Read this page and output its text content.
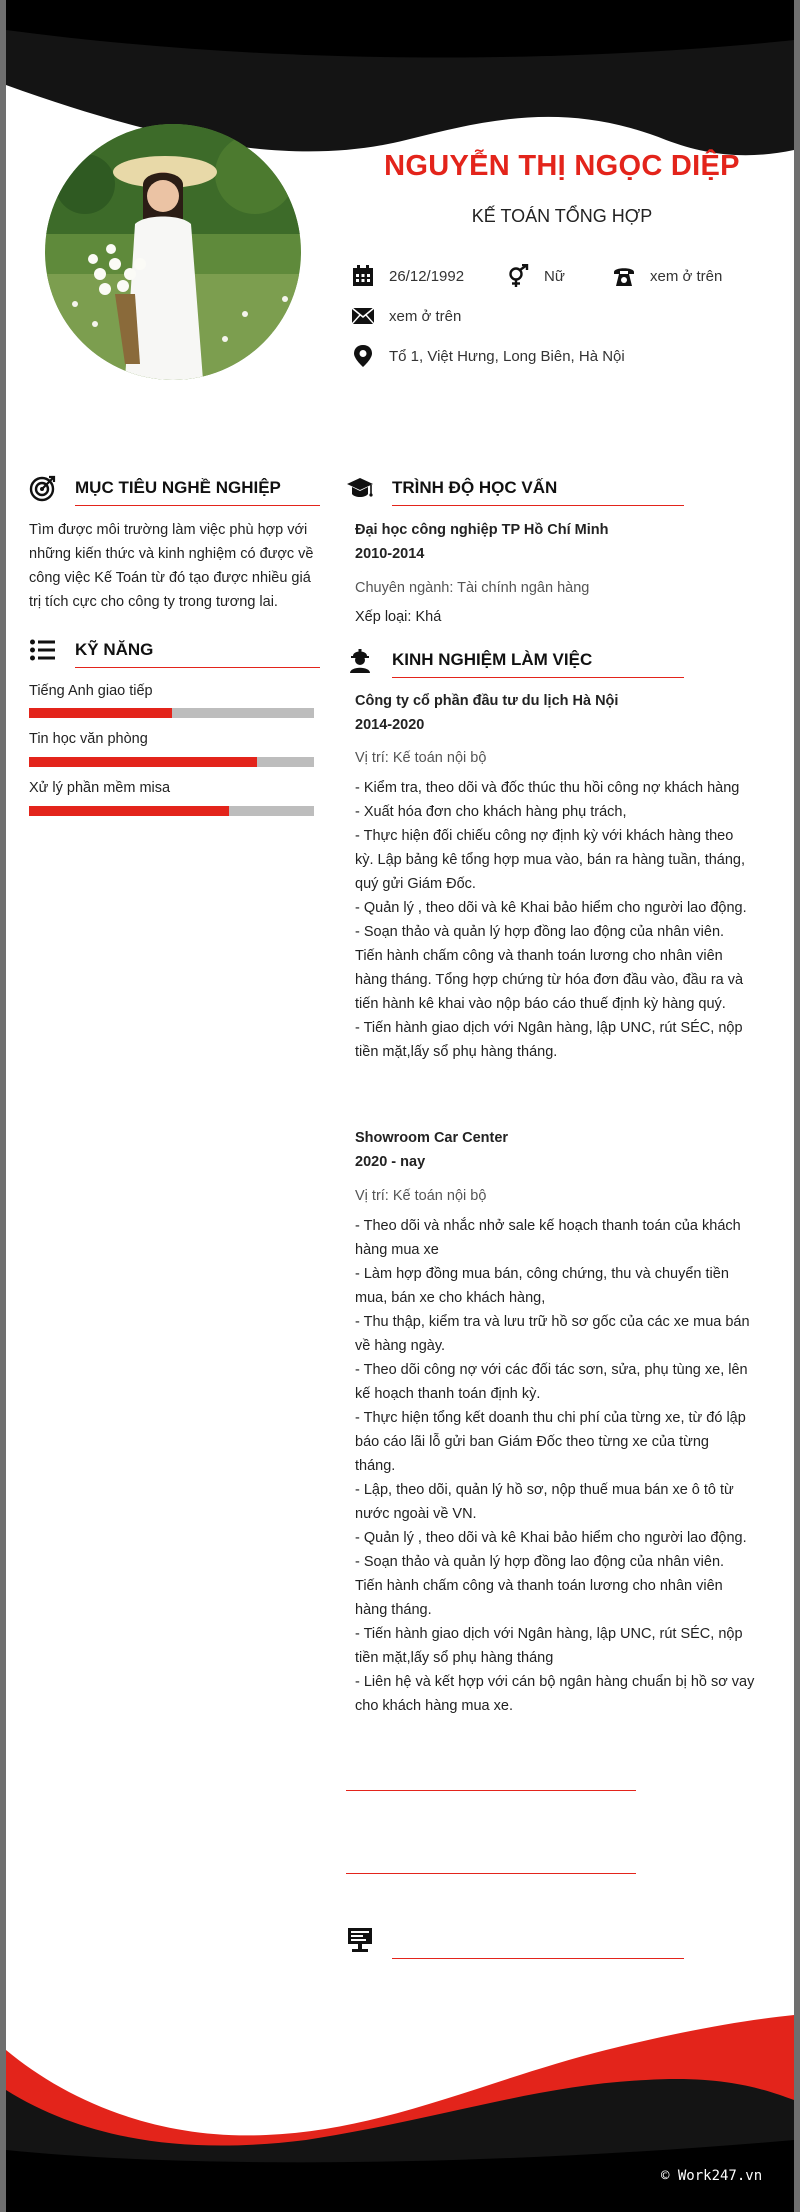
NGUYỄN THỊ NGỌC DIỆP
KẾ TOÁN TỔNG HỢP
26/12/1992	Nữ	xem ở trên
xem ở trên
Tổ 1, Việt Hưng, Long Biên, Hà Nội
MỤC TIÊU NGHỀ NGHIỆP
Tìm được môi trường làm việc phù hợp với
những kiến thức và kinh nghiệm có được về
công việc Kế Toán từ đó tạo được nhiều giá
trị tích cực cho công ty trong tương lai.
KỸ NĂNG
Tiếng Anh giao tiếp
Tin học văn phòng
Xử lý phần mềm misa
TRÌNH ĐỘ HỌC VẤN
Đại học công nghiệp TP Hồ Chí Minh
2010-2014
Chuyên ngành: Tài chính ngân hàng
Xếp loại: Khá
KINH NGHIỆM LÀM VIỆC
Công ty cổ phần đầu tư du lịch Hà Nội
2014-2020
Vị trí: Kế toán nội bộ
- Kiểm tra, theo dõi và đốc thúc thu hồi công nợ khách hàng
- Xuất hóa đơn cho khách hàng phụ trách,
- Thực hiện đối chiếu công nợ định kỳ với khách hàng theo
kỳ. Lập bảng kê tổng hợp mua vào, bán ra hàng tuần, tháng,
quý gửi Giám Đốc.
- Quản lý , theo dõi và kê Khai bảo hiểm cho người lao động.
- Soạn thảo và quản lý hợp đồng lao động của nhân viên.
Tiến hành chấm công và thanh toán lương cho nhân viên
hàng tháng. Tổng hợp chứng từ hóa đơn đầu vào, đầu ra và
tiến hành kê khai vào nộp báo cáo thuế định kỳ hàng quý.
- Tiến hành giao dịch với Ngân hàng, lập UNC, rút SÉC, nộp
tiền mặt,lấy sổ phụ hàng tháng.
Showroom Car Center
2020 - nay
Vị trí: Kế toán nội bộ
- Theo dõi và nhắc nhở sale kế hoạch thanh toán của khách
hàng mua xe
- Làm hợp đồng mua bán, công chứng, thu và chuyển tiền
mua, bán xe cho khách hàng,
- Thu thập, kiểm tra và lưu trữ hồ sơ gốc của các xe mua bán
về hàng ngày.
- Theo dõi công nợ với các đối tác sơn, sửa, phụ tùng xe, lên
kế hoạch thanh toán định kỳ.
- Thực hiện tổng kết doanh thu chi phí của từng xe, từ đó lập
báo cáo lãi lỗ gửi ban Giám Đốc theo từng xe của từng
tháng.
- Lập, theo dõi, quản lý hồ sơ, nộp thuế mua bán xe ô tô từ
nước ngoài về VN.
- Quản lý , theo dõi và kê Khai bảo hiểm cho người lao động.
- Soạn thảo và quản lý hợp đồng lao động của nhân viên.
Tiến hành chấm công và thanh toán lương cho nhân viên
hàng tháng.
- Tiến hành giao dịch với Ngân hàng, lập UNC, rút SÉC, nộp
tiền mặt,lấy sổ phụ hàng tháng
- Liên hệ và kết hợp với cán bộ ngân hàng chuẩn bị hồ sơ vay
cho khách hàng mua xe.
© Work247.vn
